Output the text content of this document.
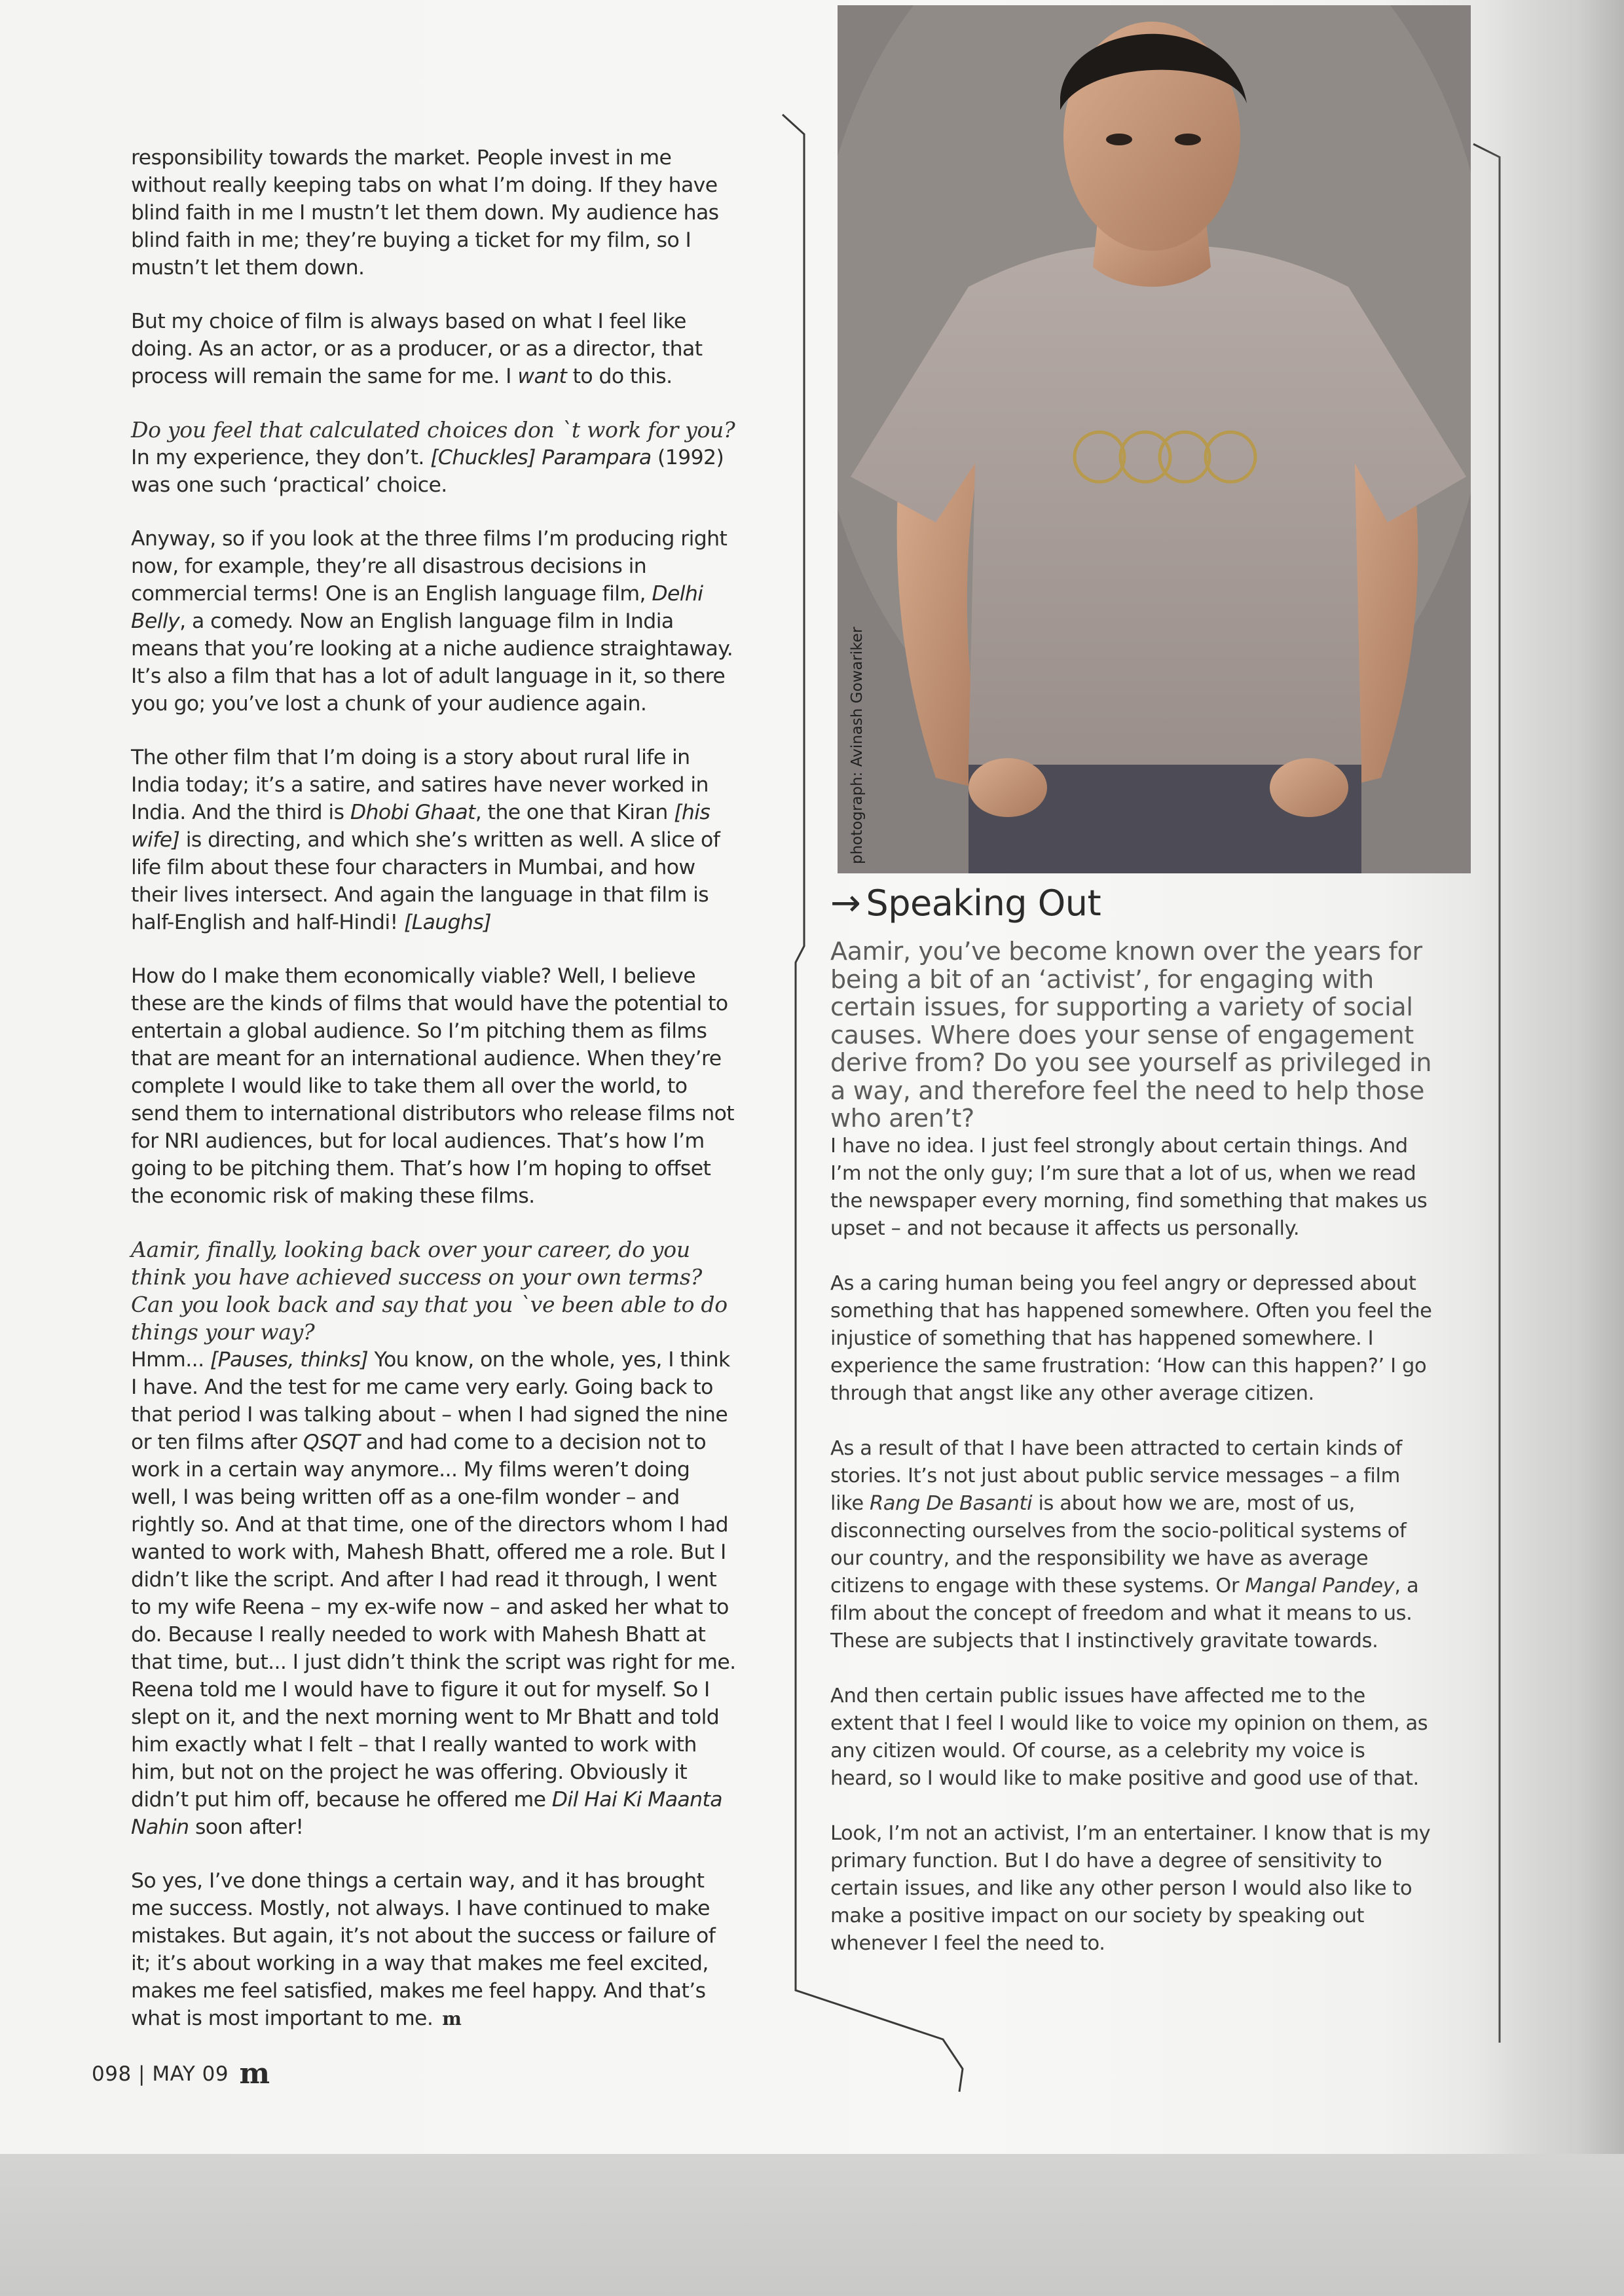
responsibility towards the market. People invest in me without really keeping tabs on what I’m doing. If they have blind faith in me I mustn’t let them down. My audience has blind faith in me; they’re buying a ticket for my film, so I mustn’t let them down.

But my choice of film is always based on what I feel like doing. As an actor, or as a producer, or as a director, that process will remain the same for me. I want to do this.

Do you feel that calculated choices don `t work for you?

In my experience, they don’t. [Chuckles] Parampara (1992) was one such ‘practical’ choice.

Anyway, so if you look at the three films I’m producing right now, for example, they’re all disastrous decisions in commercial terms! One is an English language film, Delhi Belly, a comedy. Now an English language film in India means that you’re looking at a niche audience straightaway. It’s also a film that has a lot of adult language in it, so there you go; you’ve lost a chunk of your audience again.

The other film that I’m doing is a story about rural life in India today; it’s a satire, and satires have never worked in India. And the third is Dhobi Ghaat, the one that Kiran [his wife] is directing, and which she’s written as well. A slice of life film about these four characters in Mumbai, and how their lives intersect. And again the language in that film is half-English and half-Hindi! [Laughs]

How do I make them economically viable? Well, I believe these are the kinds of films that would have the potential to entertain a global audience. So I’m pitching them as films that are meant for an international audience. When they’re complete I would like to take them all over the world, to send them to international distributors who release films not for NRI audiences, but for local audiences. That’s how I’m going to be pitching them. That’s how I’m hoping to offset the economic risk of making these films.

Aamir, finally, looking back over your career, do you think you have achieved success on your own terms? Can you look back and say that you `ve been able to do things your way?

Hmm... [Pauses, thinks] You know, on the whole, yes, I think I have. And the test for me came very early. Going back to that period I was talking about – when I had signed the nine or ten films after QSQT and had come to a decision not to work in a certain way anymore... My films weren’t doing well, I was being written off as a one-film wonder – and rightly so. And at that time, one of the directors whom I had wanted to work with, Mahesh Bhatt, offered me a role. But I didn’t like the script. And after I had read it through, I went to my wife Reena – my ex-wife now – and asked her what to do. Because I really needed to work with Mahesh Bhatt at that time, but... I just didn’t think the script was right for me. Reena told me I would have to figure it out for myself. So I slept on it, and the next morning went to Mr Bhatt and told him exactly what I felt – that I really wanted to work with him, but not on the project he was offering. Obviously it didn’t put him off, because he offered me Dil Hai Ki Maanta Nahin soon after!

So yes, I’ve done things a certain way, and it has brought me success. Mostly, not always. I have continued to make mistakes. But again, it’s not about the success or failure of it; it’s about working in a way that makes me feel excited, makes me feel satisfied, makes me feel happy. And that’s what is most important to me. m

photograph: Avinash Gowariker
→ Speaking Out

Aamir, you’ve become known over the years for being a bit of an ‘activist’, for engaging with certain issues, for supporting a variety of social causes. Where does your sense of engagement derive from? Do you see yourself as privileged in a way, and therefore feel the need to help those who aren’t?

I have no idea. I just feel strongly about certain things. And I’m not the only guy; I’m sure that a lot of us, when we read the newspaper every morning, find something that makes us upset – and not because it affects us personally.

As a caring human being you feel angry or depressed about something that has happened somewhere. Often you feel the injustice of something that has happened somewhere. I experience the same frustration: ‘How can this happen?’ I go through that angst like any other average citizen.

As a result of that I have been attracted to certain kinds of stories. It’s not just about public service messages – a film like Rang De Basanti is about how we are, most of us, disconnecting ourselves from the socio-political systems of our country, and the responsibility we have as average citizens to engage with these systems. Or Mangal Pandey, a film about the concept of freedom and what it means to us. These are subjects that I instinctively gravitate towards.

And then certain public issues have affected me to the extent that I feel I would like to voice my opinion on them, as any citizen would. Of course, as a celebrity my voice is heard, so I would like to make positive and good use of that.

Look, I’m not an activist, I’m an entertainer. I know that is my primary function. But I do have a degree of sensitivity to certain issues, and like any other person I would also like to make a positive impact on our society by speaking out whenever I feel the need to.

098 | MAY 09 m
